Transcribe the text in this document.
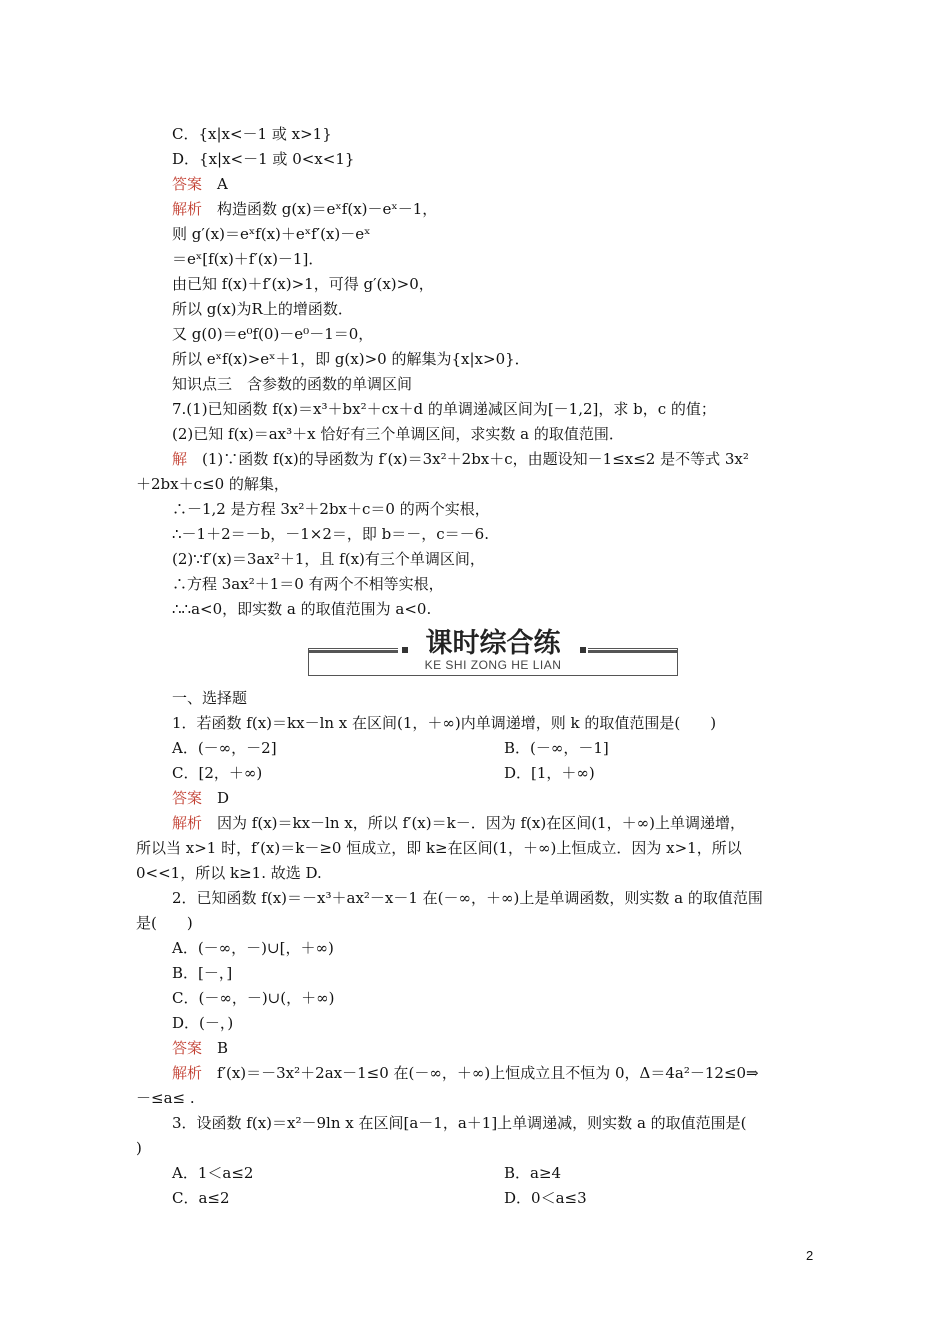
C．{x|x<－1 或 x>1}
D．{x|x<－1 或 0<x<1}
答案　A
解析　构造函数 g(x)＝eˣf(x)－eˣ－1，
则 g′(x)＝eˣf(x)＋eˣf′(x)－eˣ
＝eˣ[f(x)＋f′(x)－1]．
由已知 f(x)＋f′(x)>1，可得 g′(x)>0，
所以 g(x)为R上的增函数．
又 g(0)＝e⁰f(0)－e⁰－1＝0，
所以 eˣf(x)>eˣ＋1，即 g(x)>0 的解集为{x|x>0}．
知识点三　含参数的函数的单调区间
7.(1)已知函数 f(x)＝x³＋bx²＋cx＋d 的单调递减区间为[－1,2]，求 b，c 的值；
(2)已知 f(x)＝ax³＋x 恰好有三个单调区间，求实数 a 的取值范围．
解　(1)∵函数 f(x)的导函数为 f′(x)＝3x²＋2bx＋c，由题设知－1≤x≤2 是不等式 3x²
＋2bx＋c≤0 的解集，
∴－1,2 是方程 3x²＋2bx＋c＝0 的两个实根，
∴－1＋2＝－b，－1×2＝，即 b＝－，c＝－6.
(2)∵f′(x)＝3ax²＋1，且 f(x)有三个单调区间，
∴方程 3ax²＋1＝0 有两个不相等实根，
∴∴a<0，即实数 a 的取值范围为 a<0.
一、选择题
1．若函数 f(x)＝kx－ln x 在区间(1，＋∞)内单调递增，则 k 的取值范围是(　　)
A．(－∞，－2]	B．(－∞，－1]
C．[2，＋∞)	D．[1，＋∞)
答案　D
解析　因为 f(x)＝kx－ln x，所以 f′(x)＝k－．因为 f(x)在区间(1，＋∞)上单调递增，
所以当 x>1 时，f′(x)＝k－≥0 恒成立，即 k≥在区间(1，＋∞)上恒成立．因为 x>1，所以
0<<1，所以 k≥1. 故选 D.
2．已知函数 f(x)＝－x³＋ax²－x－1 在(－∞，＋∞)上是单调函数，则实数 a 的取值范围
是(　　)
A．(－∞，－)∪[，＋∞)
B．[－，]
C．(－∞，－)∪(，＋∞)
D．(－，)
答案　B
解析　f′(x)＝－3x²＋2ax－1≤0 在(－∞，＋∞)上恒成立且不恒为 0，Δ＝4a²－12≤0⇒
－≤a≤ .
3．设函数 f(x)＝x²－9ln x 在区间[a－1，a＋1]上单调递减，则实数 a 的取值范围是(
)
A．1＜a≤2	B．a≥4
C．a≤2	D．0＜a≤3
课时综合练
KE SHI ZONG HE LIAN
2
